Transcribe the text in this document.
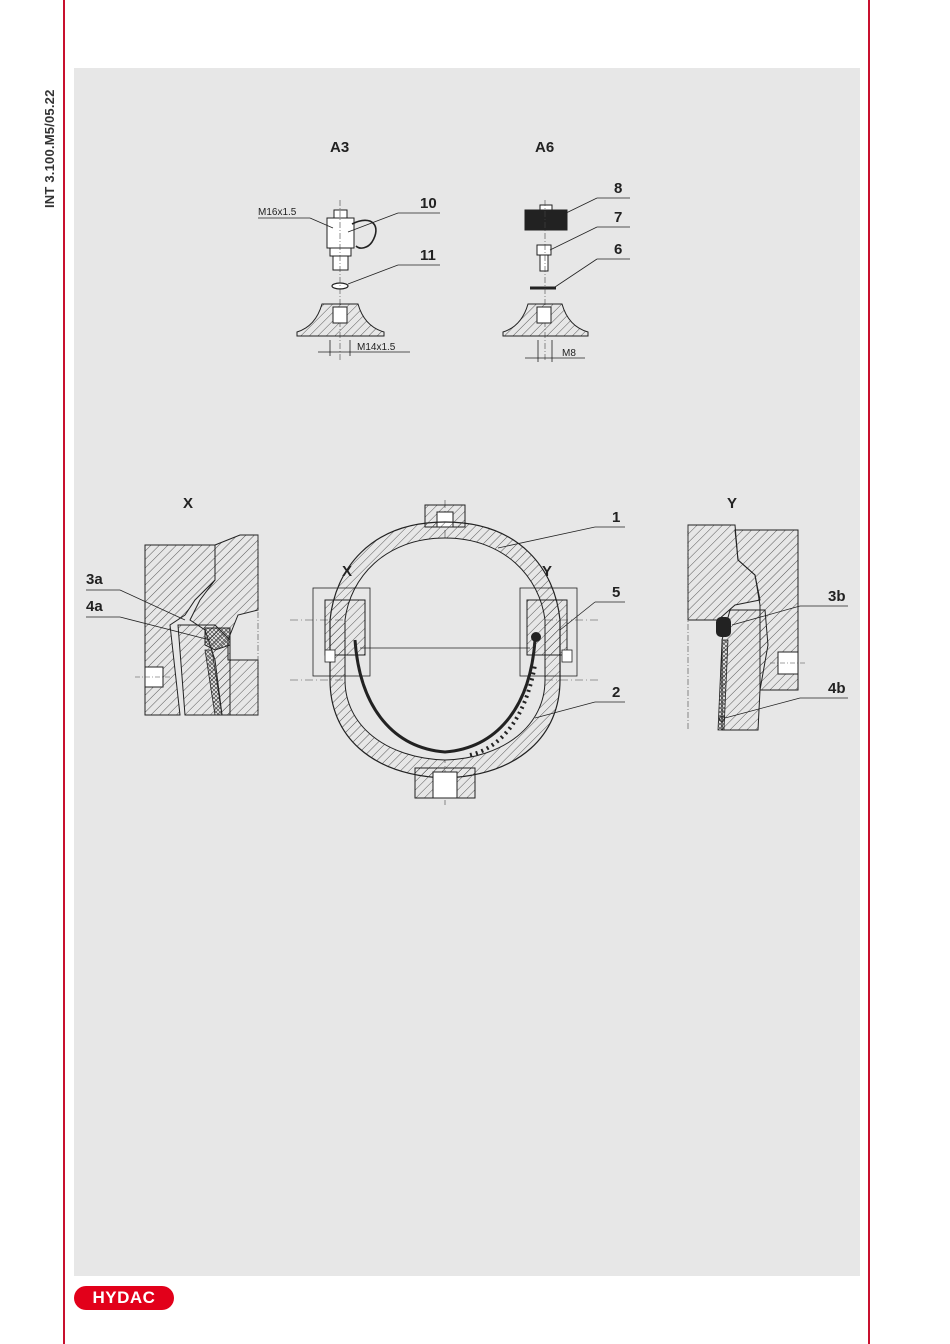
INT 3.100.M5/05.22	A3
M14x1.5
M16x1.5
10
11
A6
M8
8
7
6
X
3a
4a
X	Y
1
5
2
Y
3b
4b
HYDAC
